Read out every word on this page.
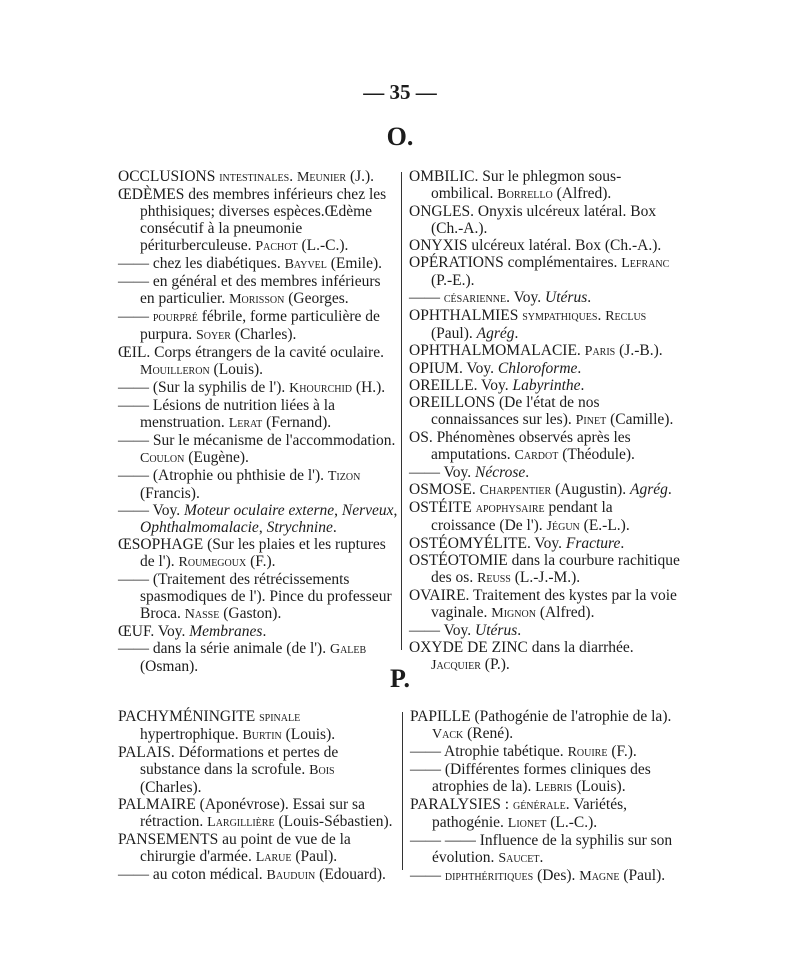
— 35 —
O.

OCCLUSIONS intestinales. Meunier (J.).

ŒDÈMES des membres inférieurs chez les phthisiques; diverses espèces.Œdème consécutif à la pneumonie périturberculeuse. Pachot (L.-C.).

—— chez les diabétiques. Bayvel (Emile).

—— en général et des membres inférieurs en particulier. Morisson (Georges.

—— pourpré fébrile, forme particulière de purpura. Soyer (Charles).

ŒIL. Corps étrangers de la cavité oculaire. Mouilleron (Louis).

—— (Sur la syphilis de l'). Khourchid (H.).

—— Lésions de nutrition liées à la menstruation. Lerat (Fernand).

—— Sur le mécanisme de l'accommodation. Coulon (Eugène).

—— (Atrophie ou phthisie de l'). Tizon (Francis).

—— Voy. Moteur oculaire externe, Nerveux, Ophthalmomalacie, Strychnine.

ŒSOPHAGE (Sur les plaies et les ruptures de l'). Roumegoux (F.).

—— (Traitement des rétrécissements spasmodiques de l'). Pince du professeur Broca. Nasse (Gaston).

ŒUF. Voy. Membranes.

—— dans la série animale (de l'). Galeb (Osman).

OMBILIC. Sur le phlegmon sous-ombilical. Borrello (Alfred).

ONGLES. Onyxis ulcéreux latéral. Box (Ch.-A.).

ONYXIS ulcéreux latéral. Box (Ch.-A.).

OPÉRATIONS complémentaires. Lefranc (P.-E.).

—— césarienne. Voy. Utérus.

OPHTHALMIES sympathiques. Reclus (Paul). Agrég.

OPHTHALMOMALACIE. Paris (J.-B.).

OPIUM. Voy. Chloroforme.

OREILLE. Voy. Labyrinthe.

OREILLONS (De l'état de nos connaissances sur les). Pinet (Camille).

OS. Phénomènes observés après les amputations. Cardot (Théodule).

—— Voy. Nécrose.

OSMOSE. Charpentier (Augustin). Agrég.

OSTÉITE apophysaire pendant la croissance (De l'). Jégun (E.-L.).

OSTÉOMYÉLITE. Voy. Fracture.

OSTÉOTOMIE dans la courbure rachitique des os. Reuss (L.-J.-M.).

OVAIRE. Traitement des kystes par la voie vaginale. Mignon (Alfred).

—— Voy. Utérus.

OXYDE DE ZINC dans la diarrhée. Jacquier (P.).

P.

PACHYMÉNINGITE spinale hypertrophique. Burtin (Louis).

PALAIS. Déformations et pertes de substance dans la scrofule. Bois (Charles).

PALMAIRE (Aponévrose). Essai sur sa rétraction. Largillière (Louis-Sébastien).

PANSEMENTS au point de vue de la chirurgie d'armée. Larue (Paul).

—— au coton médical. Bauduin (Edouard).

PAPILLE (Pathogénie de l'atrophie de la). Vack (René).

—— Atrophie tabétique. Rouire (F.).

—— (Différentes formes cliniques des atrophies de la). Lebris (Louis).

PARALYSIES : générale. Variétés, pathogénie. Lionet (L.-C.).

—— —— Influence de la syphilis sur son évolution. Saucet.

—— diphthéritiques (Des). Magne (Paul).
